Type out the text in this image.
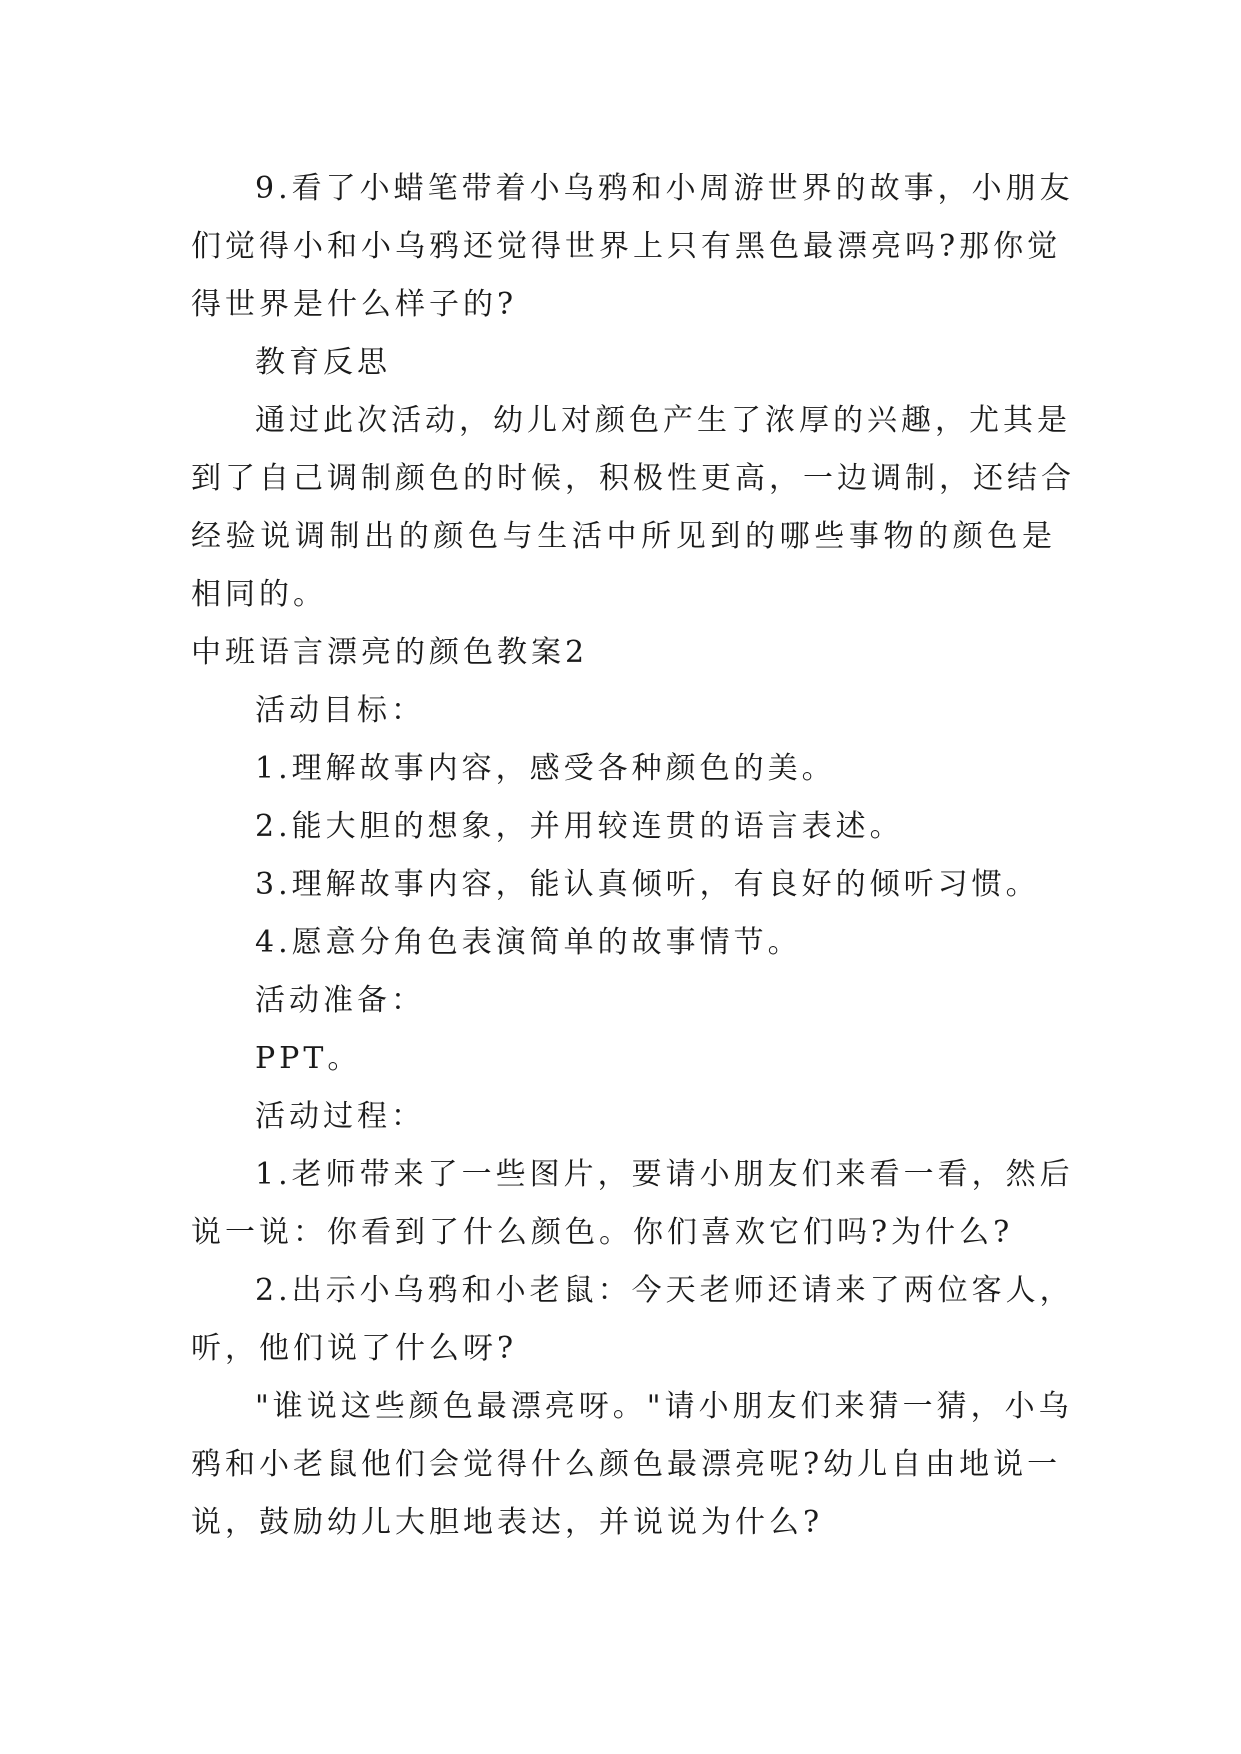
9.看了小蜡笔带着小乌鸦和小周游世界的故事，小朋友
们觉得小和小乌鸦还觉得世界上只有黑色最漂亮吗?那你觉
得世界是什么样子的?
教育反思
通过此次活动，幼儿对颜色产生了浓厚的兴趣，尤其是
到了自己调制颜色的时候，积极性更高，一边调制，还结合
经验说调制出的颜色与生活中所见到的哪些事物的颜色是
相同的。
中班语言漂亮的颜色教案2
活动目标：
1.理解故事内容，感受各种颜色的美。
2.能大胆的想象，并用较连贯的语言表述。
3.理解故事内容，能认真倾听，有良好的倾听习惯。
4.愿意分角色表演简单的故事情节。
活动准备：
PPT。
活动过程：
1.老师带来了一些图片，要请小朋友们来看一看，然后
说一说：你看到了什么颜色。你们喜欢它们吗?为什么?
2.出示小乌鸦和小老鼠：今天老师还请来了两位客人，
听，他们说了什么呀?
"谁说这些颜色最漂亮呀。"请小朋友们来猜一猜，小乌
鸦和小老鼠他们会觉得什么颜色最漂亮呢?幼儿自由地说一
说，鼓励幼儿大胆地表达，并说说为什么?
